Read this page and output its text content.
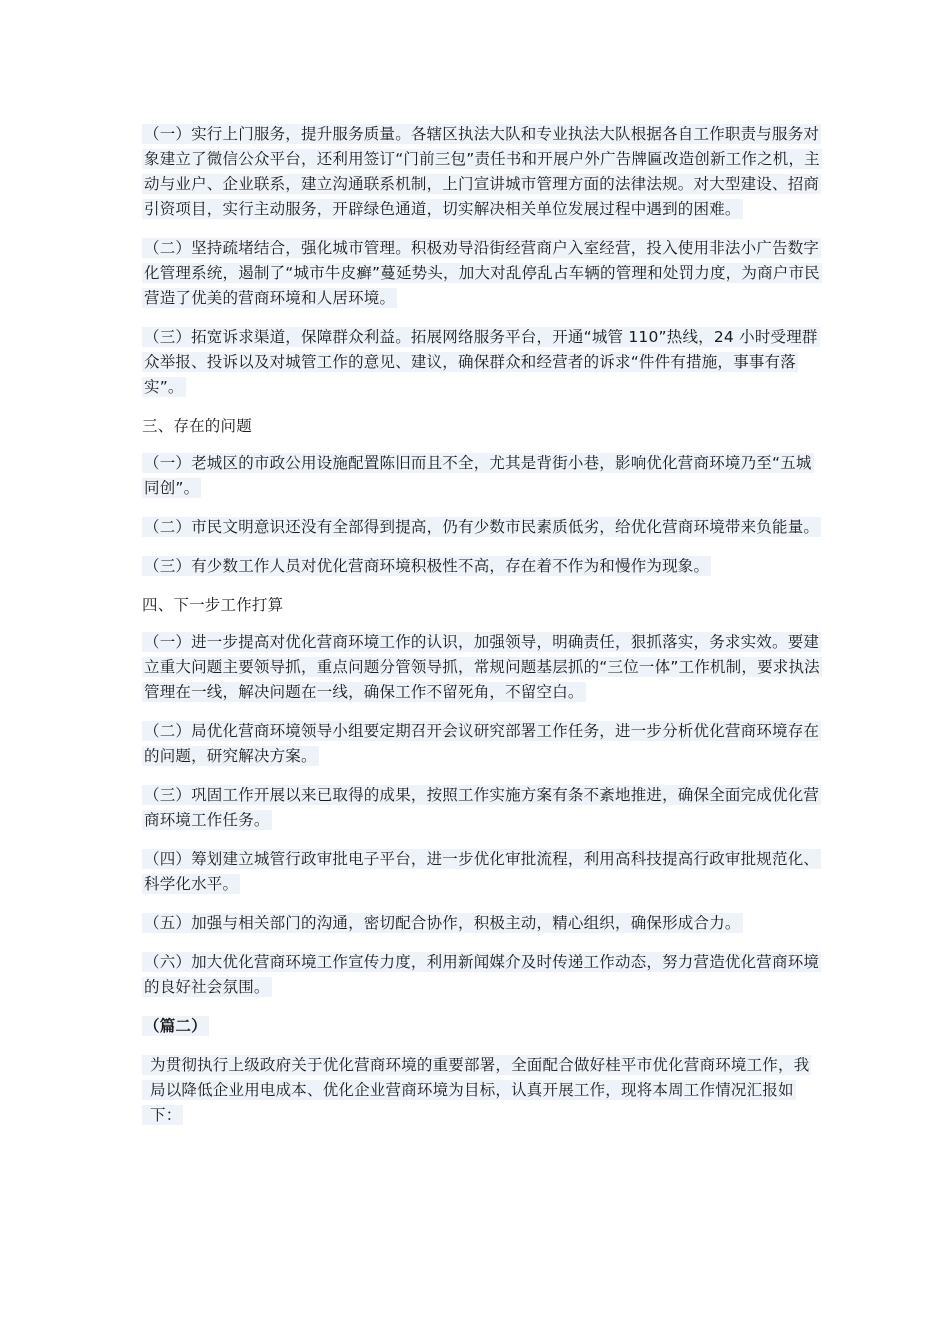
（一）实行上门服务，提升服务质量。各辖区执法大队和专业执法大队根据各自工作职责与服务对象建立了微信公众平台，还利用签订“门前三包”责任书和开展户外广告牌匾改造创新工作之机，主动与业户、企业联系，建立沟通联系机制，上门宣讲城市管理方面的法律法规。对大型建设、招商引资项目，实行主动服务，开辟绿色通道，切实解决相关单位发展过程中遇到的困难。

（二）坚持疏堵结合，强化城市管理。积极劝导沿街经营商户入室经营，投入使用非法小广告数字化管理系统，遏制了“城市牛皮癣”蔓延势头，加大对乱停乱占车辆的管理和处罚力度，为商户市民营造了优美的营商环境和人居环境。

（三）拓宽诉求渠道，保障群众利益。拓展网络服务平台，开通“城管 110”热线，24 小时受理群众举报、投诉以及对城管工作的意见、建议，确保群众和经营者的诉求“件件有措施，事事有落实”。

三、存在的问题

（一）老城区的市政公用设施配置陈旧而且不全，尤其是背街小巷，影响优化营商环境乃至“五城同创”。

（二）市民文明意识还没有全部得到提高，仍有少数市民素质低劣，给优化营商环境带来负能量。

（三）有少数工作人员对优化营商环境积极性不高，存在着不作为和慢作为现象。

四、下一步工作打算

（一）进一步提高对优化营商环境工作的认识，加强领导，明确责任，狠抓落实，务求实效。要建立重大问题主要领导抓，重点问题分管领导抓，常规问题基层抓的“三位一体”工作机制，要求执法管理在一线，解决问题在一线，确保工作不留死角，不留空白。

（二）局优化营商环境领导小组要定期召开会议研究部署工作任务，进一步分析优化营商环境存在的问题，研究解决方案。

（三）巩固工作开展以来已取得的成果，按照工作实施方案有条不紊地推进，确保全面完成优化营商环境工作任务。

（四）筹划建立城管行政审批电子平台，进一步优化审批流程，利用高科技提高行政审批规范化、科学化水平。

（五）加强与相关部门的沟通，密切配合协作，积极主动，精心组织，确保形成合力。

（六）加大优化营商环境工作宣传力度，利用新闻媒介及时传递工作动态，努力营造优化营商环境的良好社会氛围。

（篇二）

为贯彻执行上级政府关于优化营商环境的重要部署，全面配合做好桂平市优化营商环境工作，我局以降低企业用电成本、优化企业营商环境为目标，认真开展工作，现将本周工作情况汇报如下：
